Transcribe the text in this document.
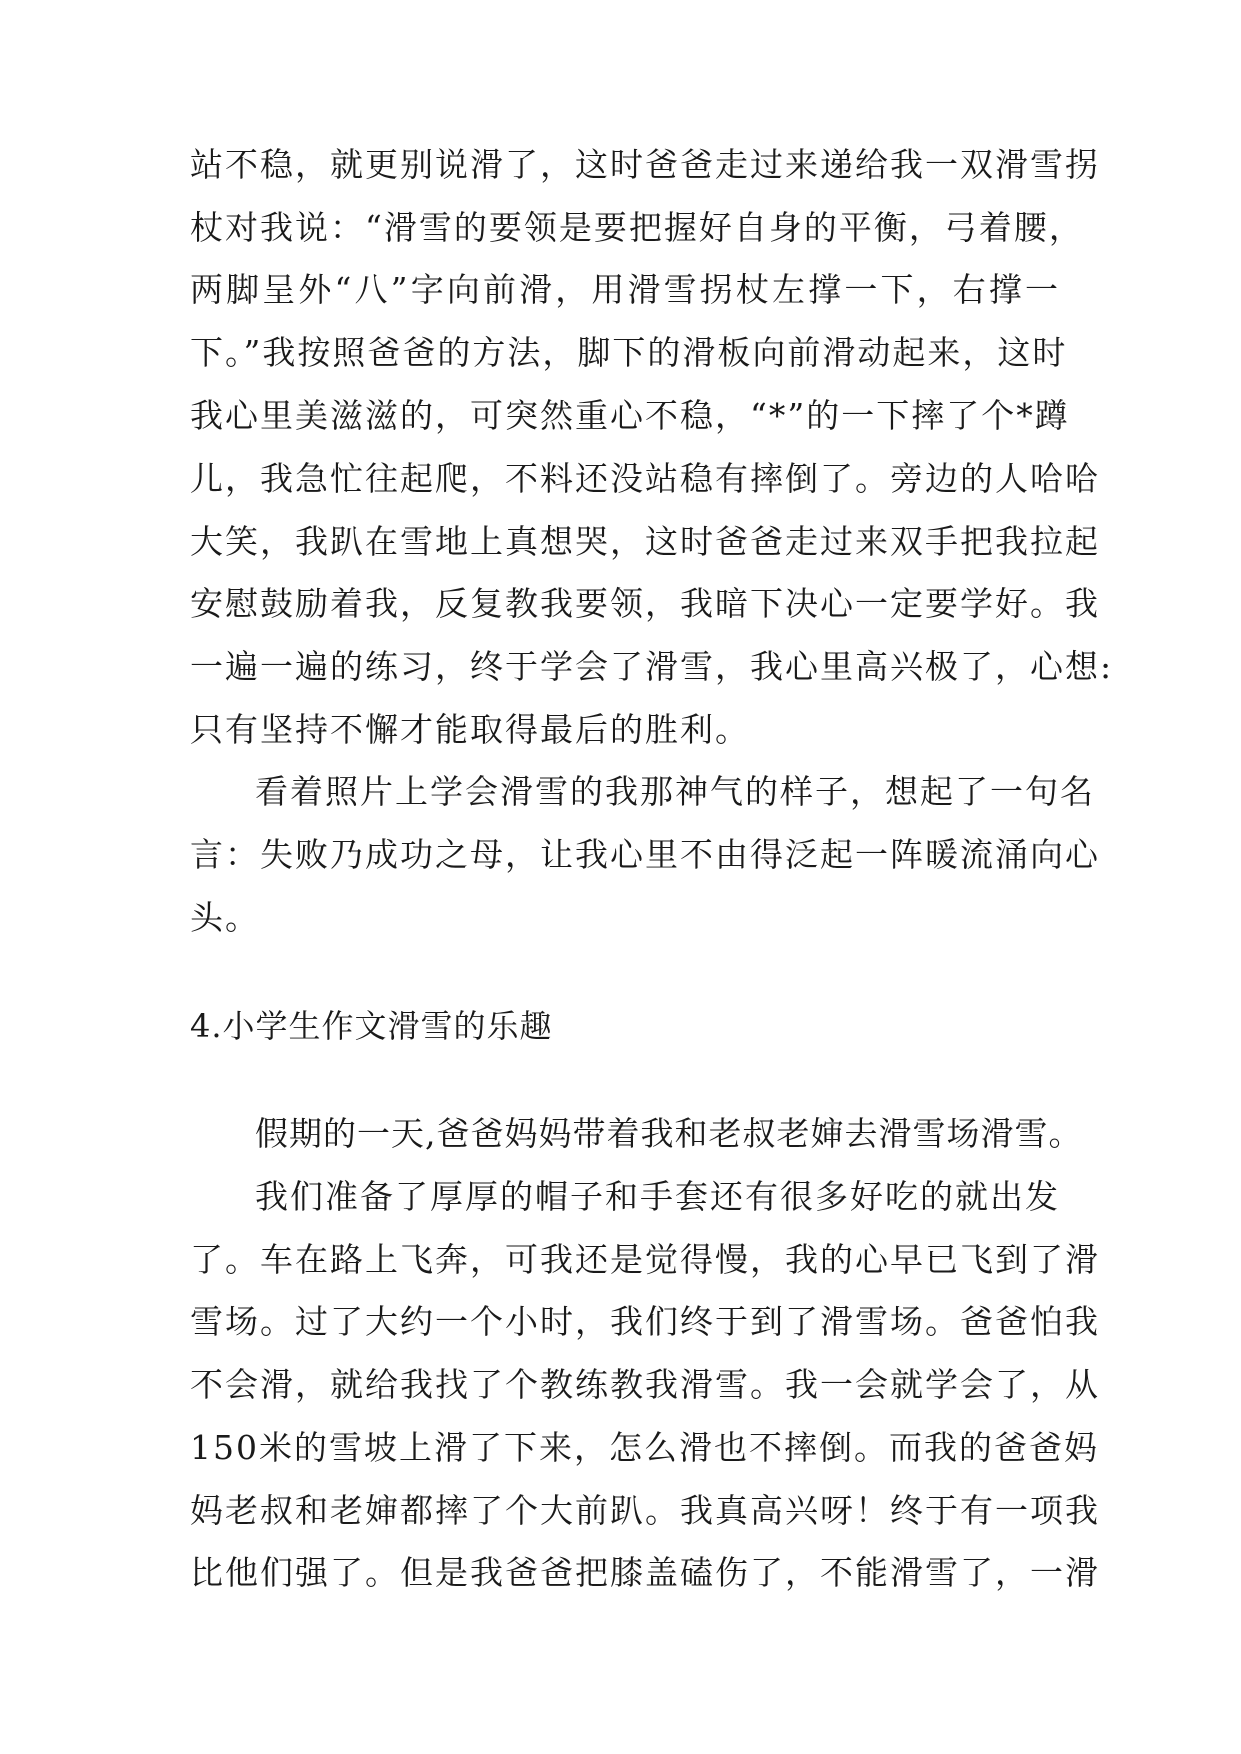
站不稳，就更别说滑了，这时爸爸走过来递给我一双滑雪拐
杖对我说：“滑雪的要领是要把握好自身的平衡，弓着腰，
两脚呈外“八”字向前滑，用滑雪拐杖左撑一下，右撑一
下。”我按照爸爸的方法，脚下的滑板向前滑动起来，这时
我心里美滋滋的，可突然重心不稳，“*”的一下摔了个*蹲
儿，我急忙往起爬，不料还没站稳有摔倒了。旁边的人哈哈
大笑，我趴在雪地上真想哭，这时爸爸走过来双手把我拉起
安慰鼓励着我，反复教我要领，我暗下决心一定要学好。我
一遍一遍的练习，终于学会了滑雪，我心里高兴极了，心想:
只有坚持不懈才能取得最后的胜利。
看着照片上学会滑雪的我那神气的样子，想起了一句名
言：失败乃成功之母，让我心里不由得泛起一阵暖流涌向心
头。
4.小学生作文滑雪的乐趣
假期的一天,爸爸妈妈带着我和老叔老婶去滑雪场滑雪。
我们准备了厚厚的帽子和手套还有很多好吃的就出发
了。车在路上飞奔，可我还是觉得慢，我的心早已飞到了滑
雪场。过了大约一个小时，我们终于到了滑雪场。爸爸怕我
不会滑，就给我找了个教练教我滑雪。我一会就学会了，从
150米的雪坡上滑了下来，怎么滑也不摔倒。而我的爸爸妈
妈老叔和老婶都摔了个大前趴。我真高兴呀！终于有一项我
比他们强了。但是我爸爸把膝盖磕伤了，不能滑雪了，一滑
